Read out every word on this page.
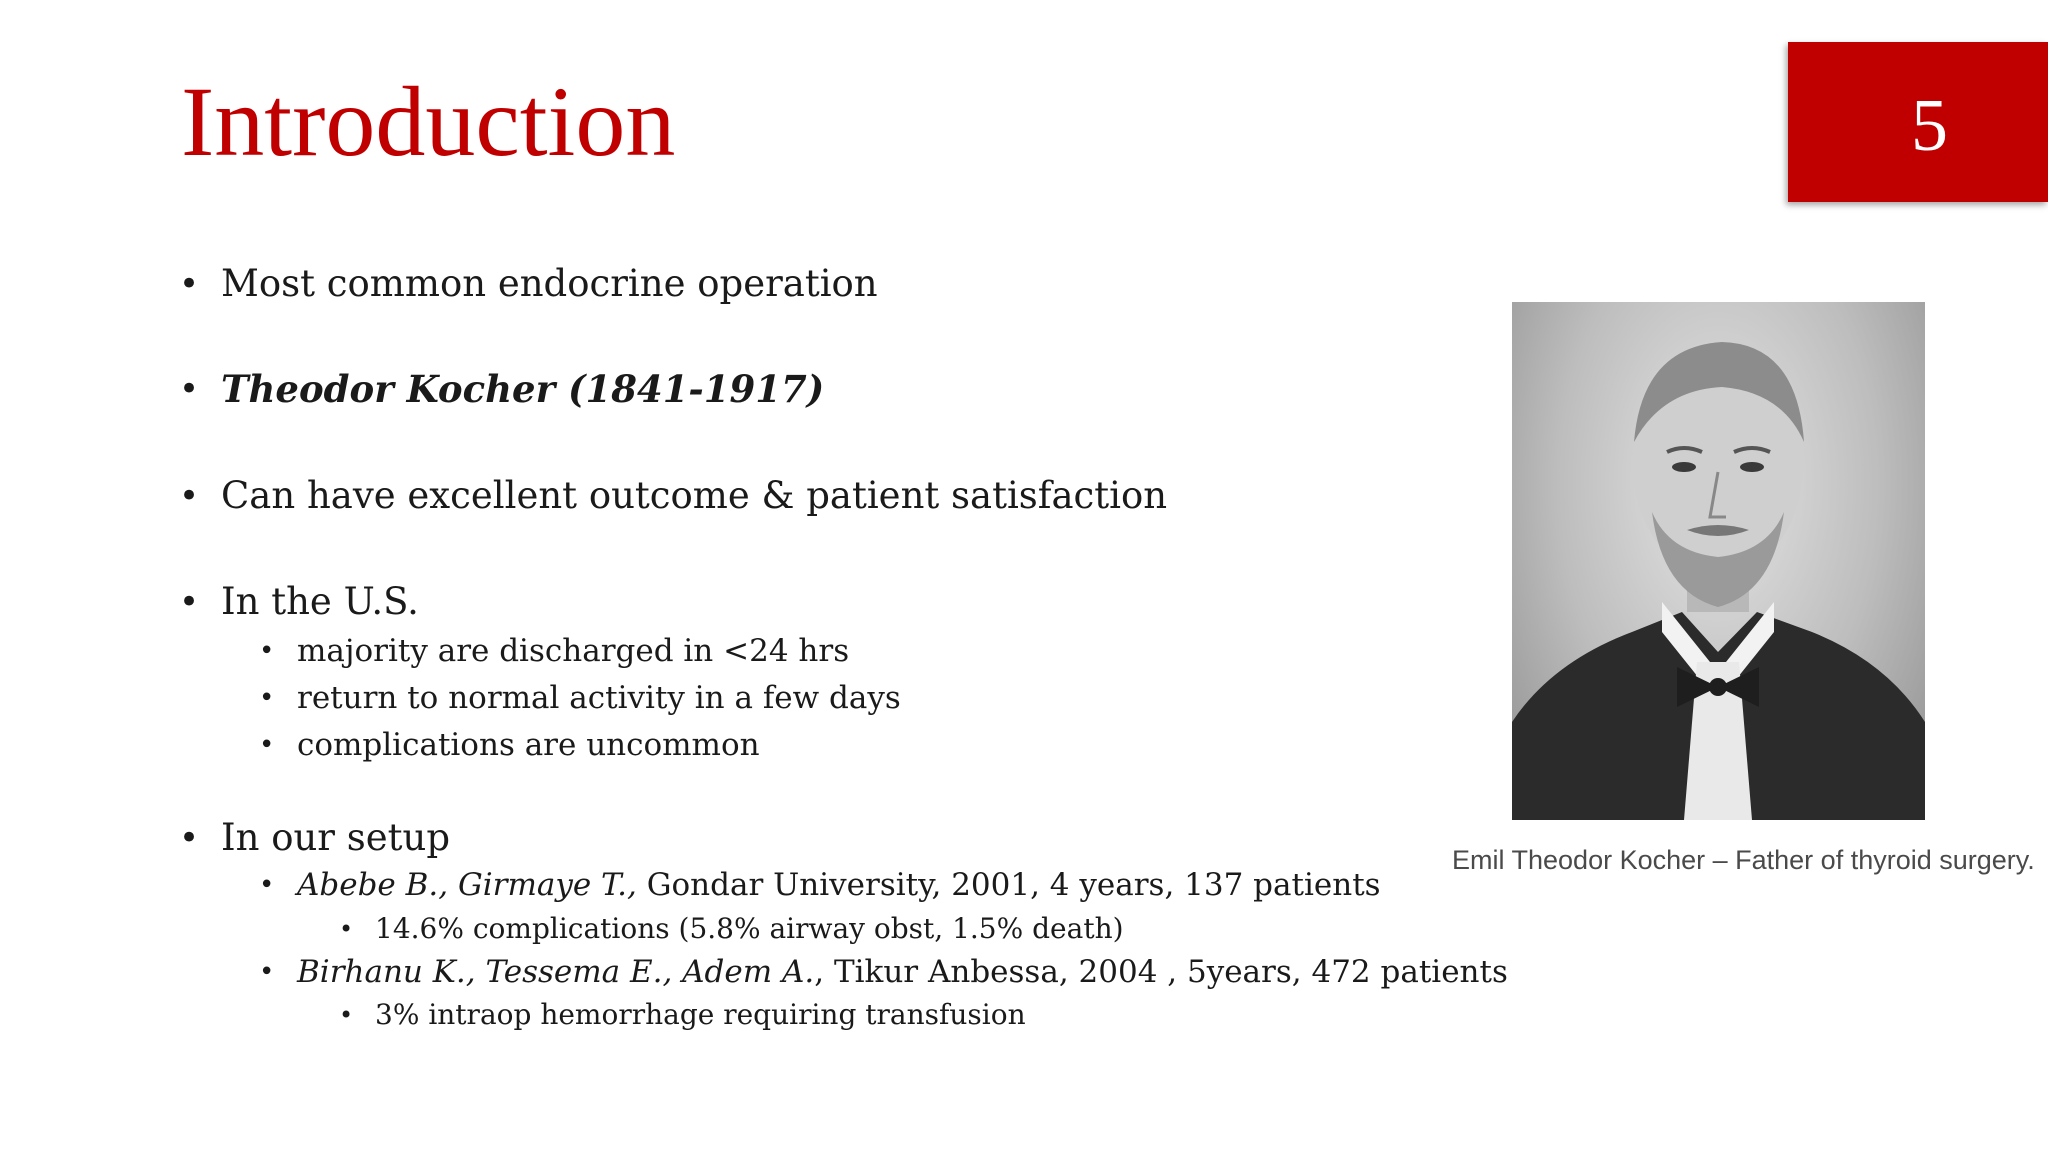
Introduction	5
• Most common endocrine operation
• Theodor Kocher (1841-1917)
• Can have excellent outcome & patient satisfaction
• In the U.S.
• majority are discharged in <24 hrs
• return to normal activity in a few days
• complications are uncommon
• In our setup
• Abebe B., Girmaye T., Gondar University, 2001, 4 years, 137 patients
• 14.6% complications (5.8% airway obst, 1.5% death)
• Birhanu K., Tessema E., Adem A., Tikur Anbessa, 2004 , 5years, 472 patients
• 3% intraop hemorrhage requiring transfusion
Emil Theodor Kocher – Father of thyroid surgery.
